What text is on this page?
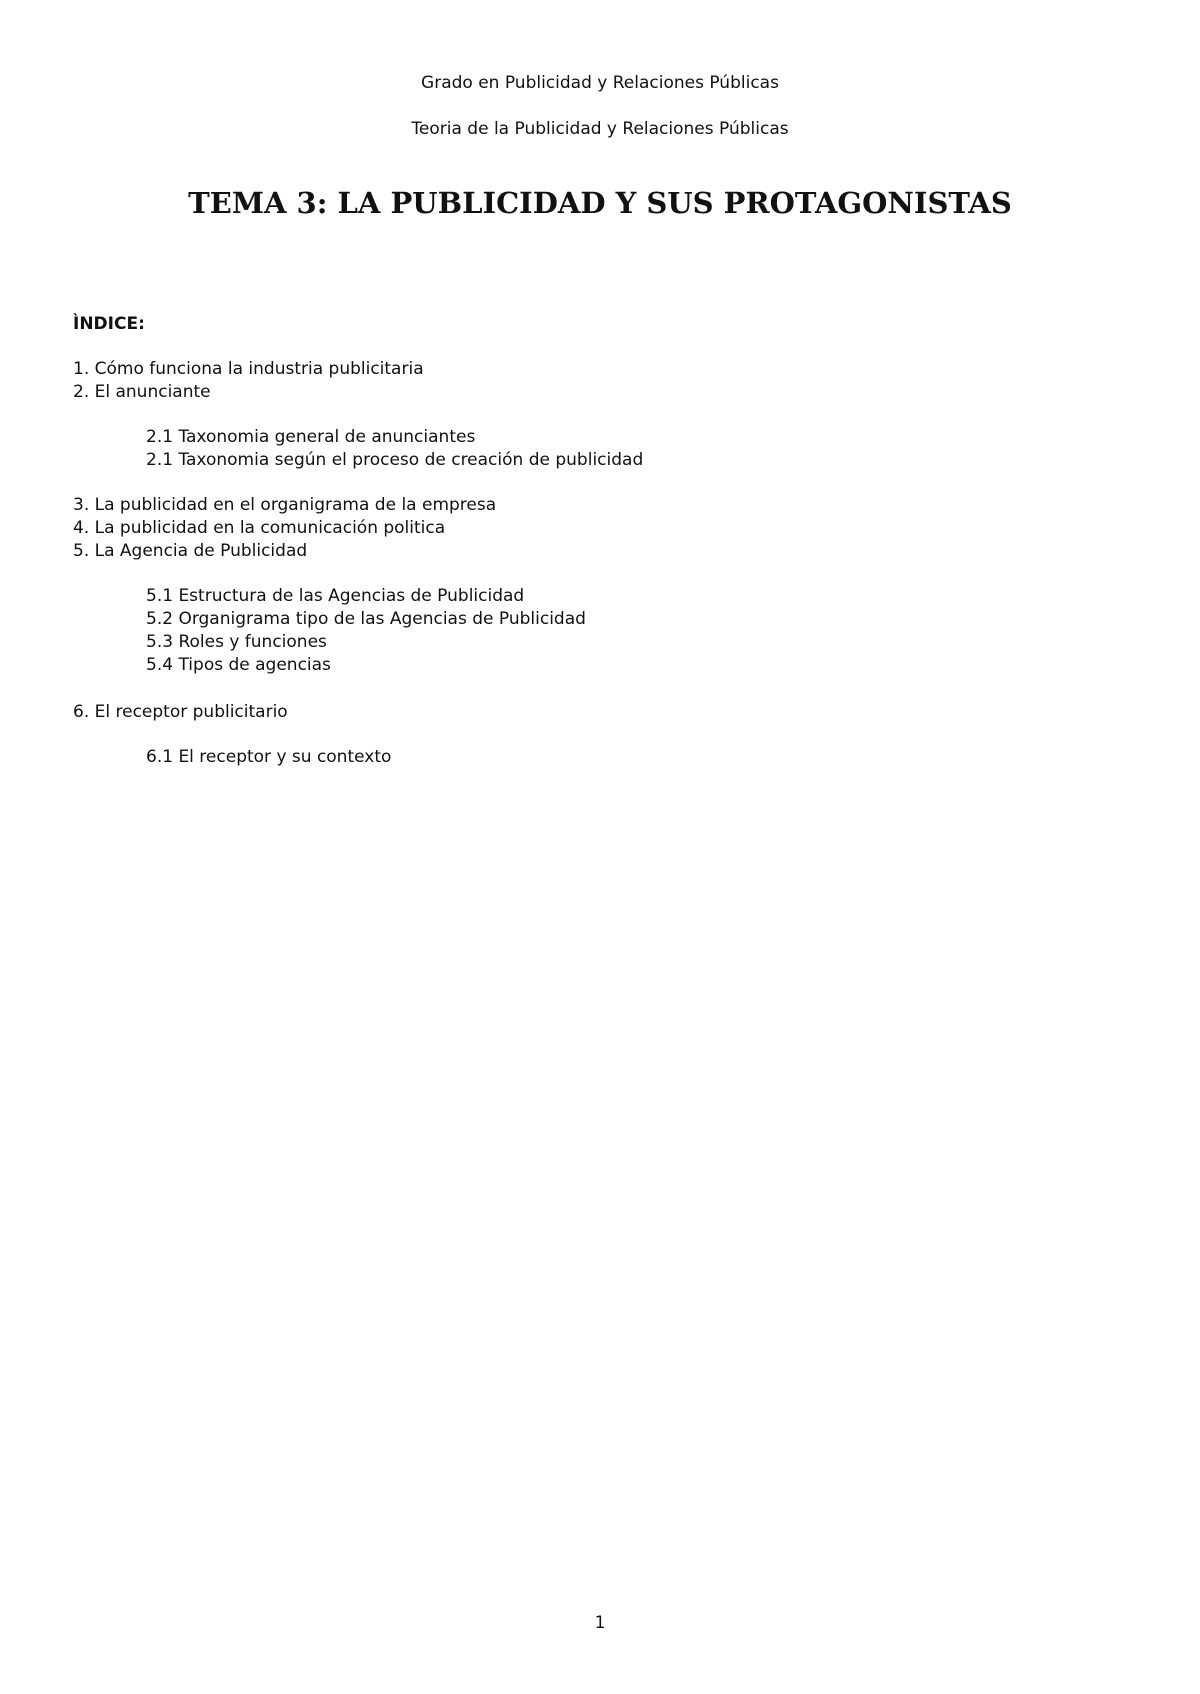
Grado en Publicidad y Relaciones Públicas
Teoria de la Publicidad y Relaciones Públicas
TEMA 3: LA PUBLICIDAD Y SUS PROTAGONISTAS
ÌNDICE:
1. Cómo funciona la industria publicitaria
2. El anunciante
2.1 Taxonomia general de anunciantes
2.1 Taxonomia según el proceso de creación de publicidad
3. La publicidad en el organigrama de la empresa
4. La publicidad en la comunicación politica
5. La Agencia de Publicidad
5.1 Estructura de las Agencias de Publicidad
5.2 Organigrama tipo de las Agencias de Publicidad
5.3 Roles y funciones
5.4 Tipos de agencias
6. El receptor publicitario
6.1 El receptor y su contexto
1
